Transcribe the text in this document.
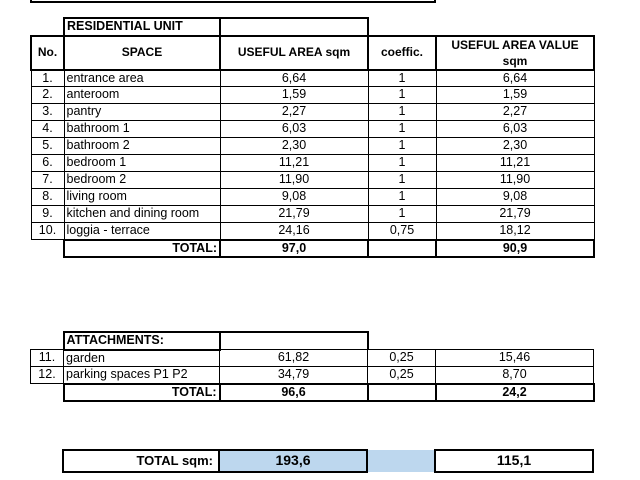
	RESIDENTIAL UNIT			
No.	SPACE	USEFUL AREA sqm	coeffic.	USEFUL AREA VALUE sqm
1.	entrance area	6,64	1	6,64
2.	anteroom	1,59	1	1,59
3.	pantry	2,27	1	2,27
4.	bathroom 1	6,03	1	6,03
5.	bathroom 2	2,30	1	2,30
6.	bedroom 1	11,21	1	11,21
7.	bedroom 2	11,90	1	11,90
8.	living room	9,08	1	9,08
9.	kitchen and dining room	21,79	1	21,79
10.	loggia - terrace	24,16	0,75	18,12
	TOTAL:	97,0		90,9
	ATTACHMENTS:			
11.	garden	61,82	0,25	15,46
12.	parking spaces P1 P2	34,79	0,25	8,70
	TOTAL:	96,6		24,2
	TOTAL sqm:	193,6		115,1
